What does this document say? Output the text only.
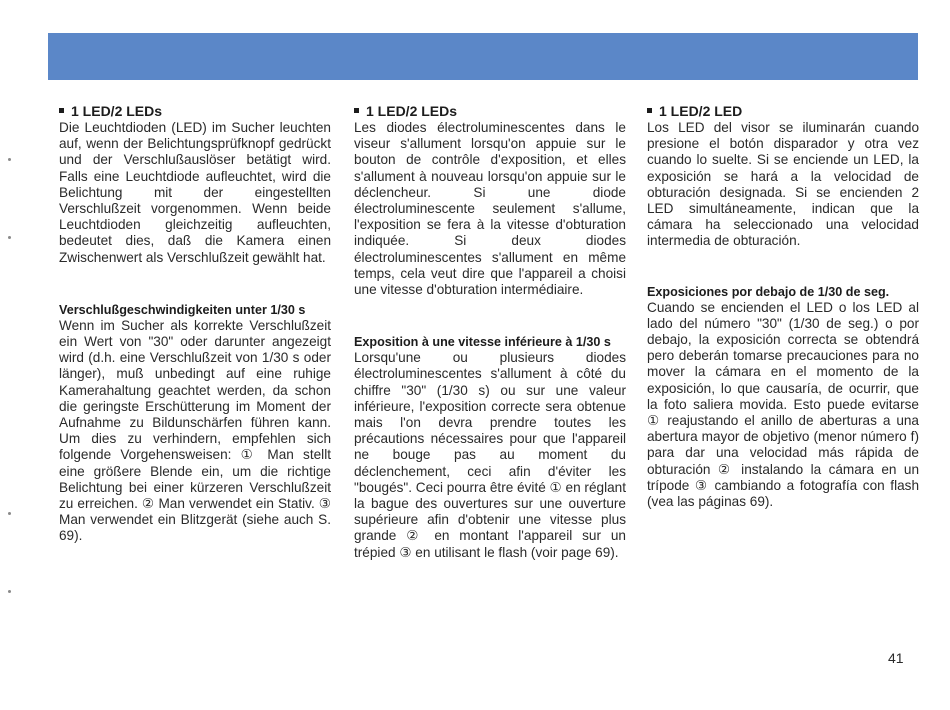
1 LED/2 LEDs
Die Leuchtdioden (LED) im Sucher leuchten auf, wenn der Belichtungsprüfknopf gedrückt und der Verschlußauslöser betätigt wird. Falls eine Leuchtdiode aufleuchtet, wird die Belichtung mit der eingestellten Verschlußzeit vorgenommen. Wenn beide Leuchtdioden gleichzeitig aufleuchten, bedeutet dies, daß die Kamera einen Zwischenwert als Verschlußzeit gewählt hat.
Verschlußgeschwindigkeiten unter 1/30 s
Wenn im Sucher als korrekte Verschlußzeit ein Wert von "30" oder darunter angezeigt wird (d.h. eine Verschlußzeit von 1/30 s oder länger), muß unbedingt auf eine ruhige Kamerahaltung geachtet werden, da schon die geringste Erschütterung im Moment der Aufnahme zu Bildunschärfen führen kann. Um dies zu verhindern, empfehlen sich folgende Vorgehensweisen: ① Man stellt eine größere Blende ein, um die richtige Belichtung bei einer kürzeren Verschlußzeit zu erreichen. ② Man verwendet ein Stativ. ③ Man verwendet ein Blitzgerät (siehe auch S. 69).
1 LED/2 LEDs
Les diodes électroluminescentes dans le viseur s'allument lorsqu'on appuie sur le bouton de contrôle d'exposition, et elles s'allument à nouveau lorsqu'on appuie sur le déclencheur. Si une diode électroluminescente seulement s'allume, l'exposition se fera à la vitesse d'obturation indiquée. Si deux diodes électroluminescentes s'allument en même temps, cela veut dire que l'appareil a choisi une vitesse d'obturation intermédiaire.
Exposition à une vitesse inférieure à 1/30 s
Lorsqu'une ou plusieurs diodes électroluminescentes s'allument à côté du chiffre "30" (1/30 s) ou sur une valeur inférieure, l'exposition correcte sera obtenue mais l'on devra prendre toutes les précautions nécessaires pour que l'appareil ne bouge pas au moment du déclenchement, ceci afin d'éviter les "bougés". Ceci pourra être évité ① en réglant la bague des ouvertures sur une ouverture supérieure afin d'obtenir une vitesse plus grande ② en montant l'appareil sur un trépied ③ en utilisant le flash (voir page 69).
1 LED/2 LED
Los LED del visor se iluminarán cuando presione el botón disparador y otra vez cuando lo suelte. Si se enciende un LED, la exposición se hará a la velocidad de obturación designada. Si se encienden 2 LED simultáneamente, indican que la cámara ha seleccionado una velocidad intermedia de obturación.
Exposiciones por debajo de 1/30 de seg.
Cuando se encienden el LED o los LED al lado del número "30" (1/30 de seg.) o por debajo, la exposición correcta se obtendrá pero deberán tomarse precauciones para no mover la cámara en el momento de la exposición, lo que causaría, de ocurrir, que la foto saliera movida. Esto puede evitarse ① reajustando el anillo de aberturas a una abertura mayor de objetivo (menor número f) para dar una velocidad más rápida de obturación ② instalando la cámara en un trípode ③ cambiando a fotografía con flash (vea las páginas 69).
41
